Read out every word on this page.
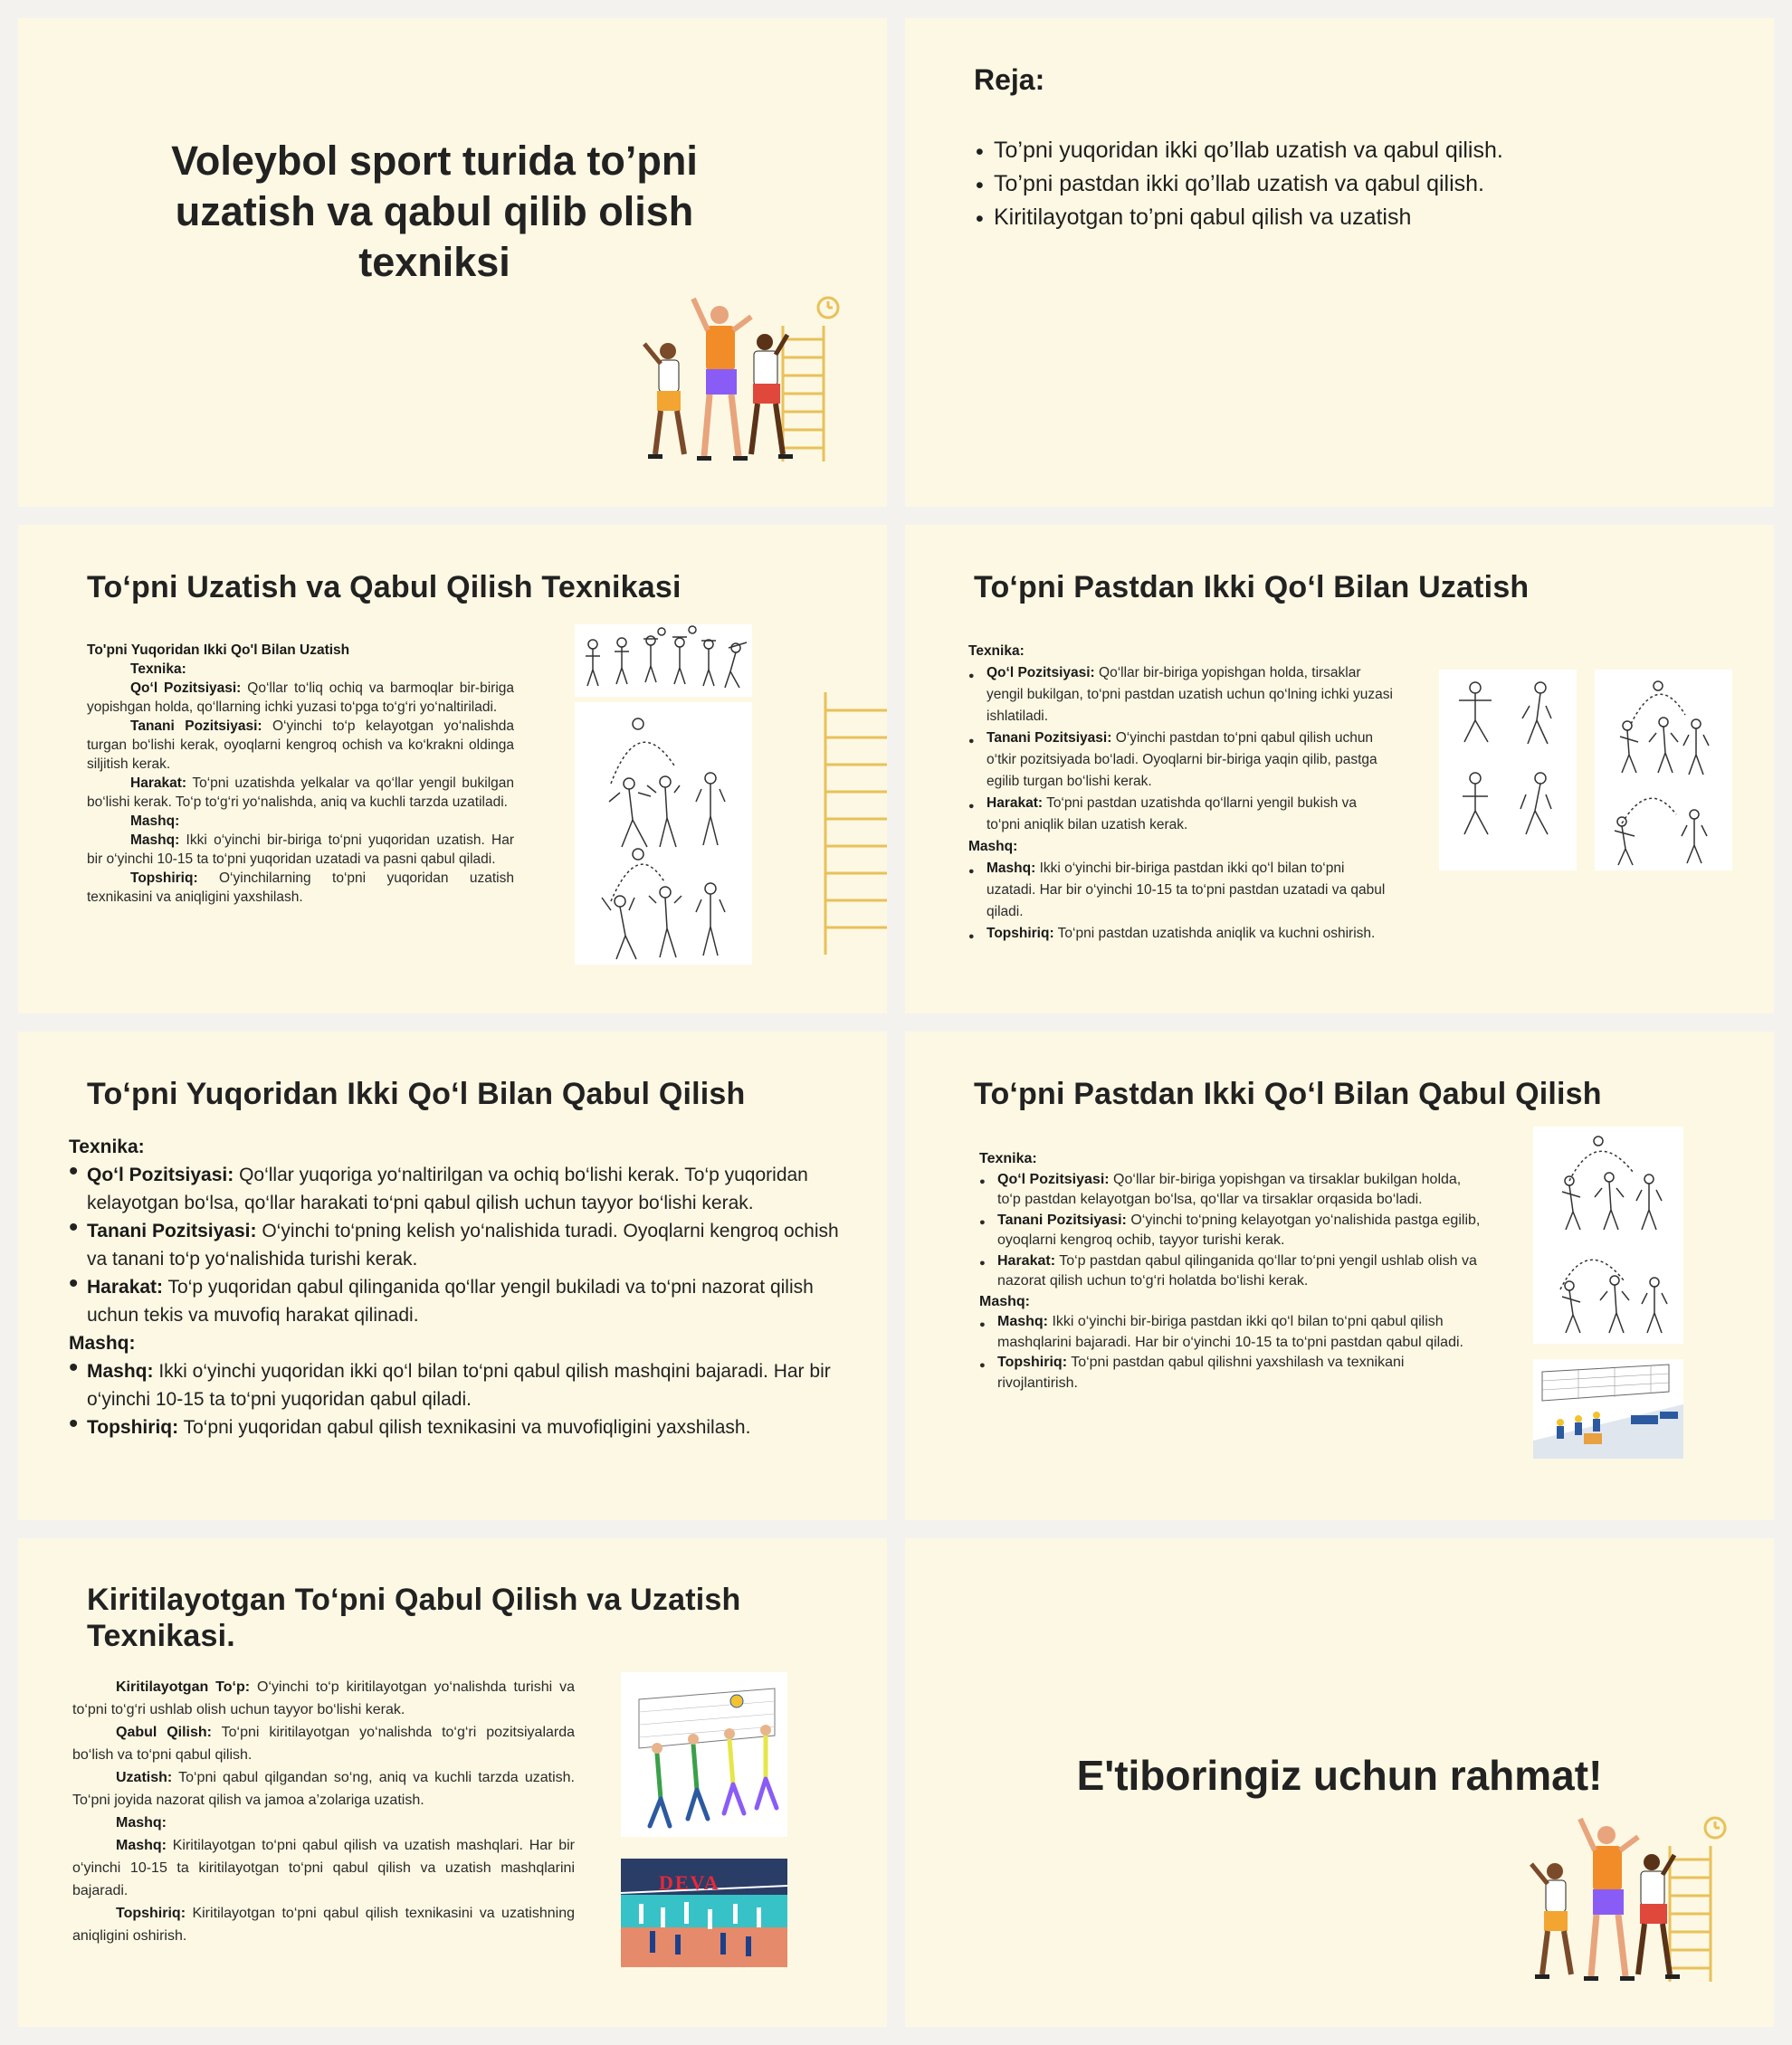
Voleybol sport turida to’pni uzatish va qabul qilib olish texniksi
Reja:
• To’pni yuqoridan ikki qo’llab uzatish va qabul qilish.
• To’pni pastdan ikki qo’llab uzatish va qabul qilish.
• Kiritilayotgan to’pni qabul qilish va uzatish
To‘pni Uzatish va Qabul Qilish Texnikasi

To'pni Yuqoridan Ikki Qo'l Bilan Uzatish

Texnika:

Qo‘l Pozitsiyasi: Qo‘llar to‘liq ochiq va barmoqlar bir-biriga yopishgan holda, qo‘llarning ichki yuzasi to‘pga to‘g‘ri yo‘naltiriladi.

Tanani Pozitsiyasi: O‘yinchi to‘p kelayotgan yo‘nalishda turgan bo‘lishi kerak, oyoqlarni kengroq ochish va ko‘krakni oldinga siljitish kerak.

Harakat: To‘pni uzatishda yelkalar va qo‘llar yengil bukilgan bo‘lishi kerak. To‘p to‘g‘ri yo‘nalishda, aniq va kuchli tarzda uzatiladi.

Mashq:

Mashq: Ikki o‘yinchi bir-biriga to‘pni yuqoridan uzatish. Har bir o‘yinchi 10-15 ta to‘pni yuqoridan uzatadi va pasni qabul qiladi.

Topshiriq: O‘yinchilarning to‘pni yuqoridan uzatish texnikasini va aniqligini yaxshilash.

To‘pni Pastdan Ikki Qo‘l Bilan Uzatish

Texnika:

● Qo‘l Pozitsiyasi: Qo‘llar bir-biriga yopishgan holda, tirsaklar yengil bukilgan, to‘pni pastdan uzatish uchun qo‘lning ichki yuzasi ishlatiladi.
● Tanani Pozitsiyasi: O‘yinchi pastdan to‘pni qabul qilish uchun o‘tkir pozitsiyada bo‘ladi. Oyoqlarni bir-biriga yaqin qilib, pastga egilib turgan bo‘lishi kerak.
● Harakat: To‘pni pastdan uzatishda qo‘llarni yengil bukish va to‘pni aniqlik bilan uzatish kerak.

Mashq:

● Mashq: Ikki o‘yinchi bir-biriga pastdan ikki qo‘l bilan to‘pni uzatadi. Har bir o‘yinchi 10-15 ta to‘pni pastdan uzatadi va qabul qiladi.
● Topshiriq: To‘pni pastdan uzatishda aniqlik va kuchni oshirish.
To‘pni Yuqoridan Ikki Qo‘l Bilan Qabul Qilish

Texnika:

• Qo‘l Pozitsiyasi: Qo‘llar yuqoriga yo‘naltirilgan va ochiq bo‘lishi kerak. To‘p yuqoridan kelayotgan bo‘lsa, qo‘llar harakati to‘pni qabul qilish uchun tayyor bo‘lishi kerak.
• Tanani Pozitsiyasi: O‘yinchi to‘pning kelish yo‘nalishida turadi. Oyoqlarni kengroq ochish va tanani to‘p yo‘nalishida turishi kerak.
• Harakat: To‘p yuqoridan qabul qilinganida qo‘llar yengil bukiladi va to‘pni nazorat qilish uchun tekis va muvofiq harakat qilinadi.

Mashq:

• Mashq: Ikki o‘yinchi yuqoridan ikki qo‘l bilan to‘pni qabul qilish mashqini bajaradi. Har bir o‘yinchi 10-15 ta to‘pni yuqoridan qabul qiladi.
• Topshiriq: To‘pni yuqoridan qabul qilish texnikasini va muvofiqligini yaxshilash.
To‘pni Pastdan Ikki Qo‘l Bilan Qabul Qilish

Texnika:

● Qo‘l Pozitsiyasi: Qo‘llar bir-biriga yopishgan va tirsaklar bukilgan holda, to‘p pastdan kelayotgan bo‘lsa, qo‘llar va tirsaklar orqasida bo‘ladi.
● Tanani Pozitsiyasi: O‘yinchi to‘pning kelayotgan yo‘nalishida pastga egilib, oyoqlarni kengroq ochib, tayyor turishi kerak.
● Harakat: To‘p pastdan qabul qilinganida qo‘llar to‘pni yengil ushlab olish va nazorat qilish uchun to‘g‘ri holatda bo‘lishi kerak.

Mashq:

● Mashq: Ikki o‘yinchi bir-biriga pastdan ikki qo‘l bilan to‘pni qabul qilish mashqlarini bajaradi. Har bir o‘yinchi 10-15 ta to‘pni pastdan qabul qiladi.
● Topshiriq: To‘pni pastdan qabul qilishni yaxshilash va texnikani rivojlantirish.
Kiritilayotgan To‘pni Qabul Qilish va Uzatish Texnikasi.

Kiritilayotgan To‘p: O‘yinchi to‘p kiritilayotgan yo‘nalishda turishi va to‘pni to‘g‘ri ushlab olish uchun tayyor bo‘lishi kerak.

Qabul Qilish: To‘pni kiritilayotgan yo‘nalishda to‘g‘ri pozitsiyalarda bo‘lish va to‘pni qabul qilish.

Uzatish: To‘pni qabul qilgandan so‘ng, aniq va kuchli tarzda uzatish. To‘pni joyida nazorat qilish va jamoa a’zolariga uzatish.

Mashq:

Mashq: Kiritilayotgan to‘pni qabul qilish va uzatish mashqlari. Har bir o‘yinchi 10-15 ta kiritilayotgan to‘pni qabul qilish va uzatish mashqlarini bajaradi.

Topshiriq: Kiritilayotgan to‘pni qabul qilish texnikasini va uzatishning aniqligini oshirish.

DEVA
E'tiboringiz uchun rahmat!
